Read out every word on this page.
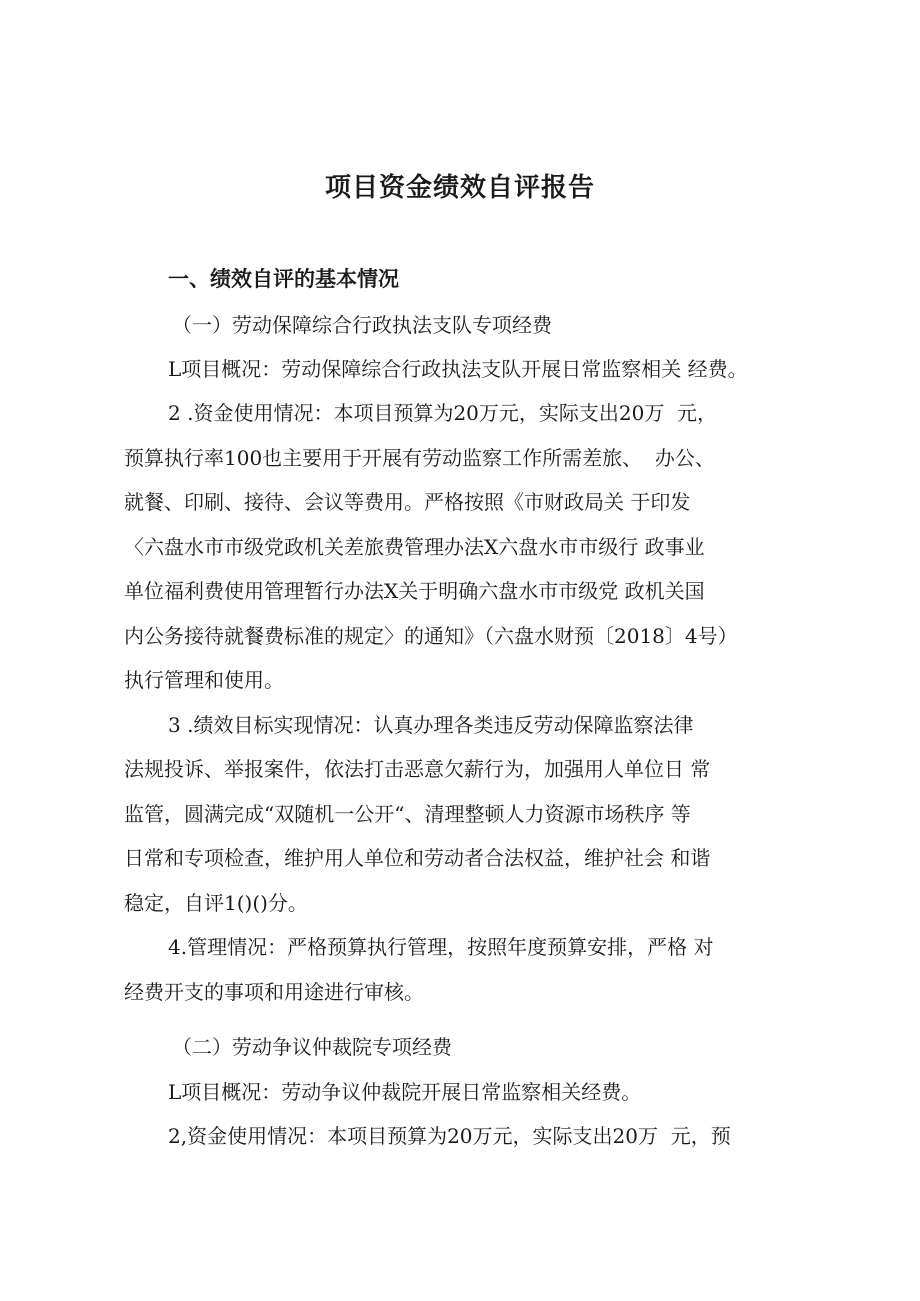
项目资金绩效自评报告
一、绩效自评的基本情况
（一）劳动保障综合行政执法支队专项经费
L项目概况：劳动保障综合行政执法支队开展日常监察相关 经费。
2 .资金使用情况：本项目预算为20万元，实际支出20万  元，
预算执行率100也主要用于开展有劳动监察工作所需差旅、  办公、
就餐、印刷、接待、会议等费用。严格按照《市财政局关 于印发
〈六盘水市市级党政机关差旅费管理办法X六盘水市市级行 政事业
单位福利费使用管理暂行办法X关于明确六盘水市市级党 政机关国
内公务接待就餐费标准的规定〉的通知》（六盘水财预〔2018〕4号）
执行管理和使用。
3 .绩效目标实现情况：认真办理各类违反劳动保障监察法律
法规投诉、举报案件，依法打击恶意欠薪行为，加强用人单位日 常
监管，圆满完成“双随机一公开“、清理整顿人力资源市场秩序 等
日常和专项检查，维护用人单位和劳动者合法权益，维护社会 和谐
稳定，自评1()()分。
4.管理情况：严格预算执行管理，按照年度预算安排，严格 对
经费开支的事项和用途进行审核。
（二）劳动争议仲裁院专项经费
L项目概况：劳动争议仲裁院开展日常监察相关经费。
2,资金使用情况：本项目预算为20万元，实际支出20万  元，预
